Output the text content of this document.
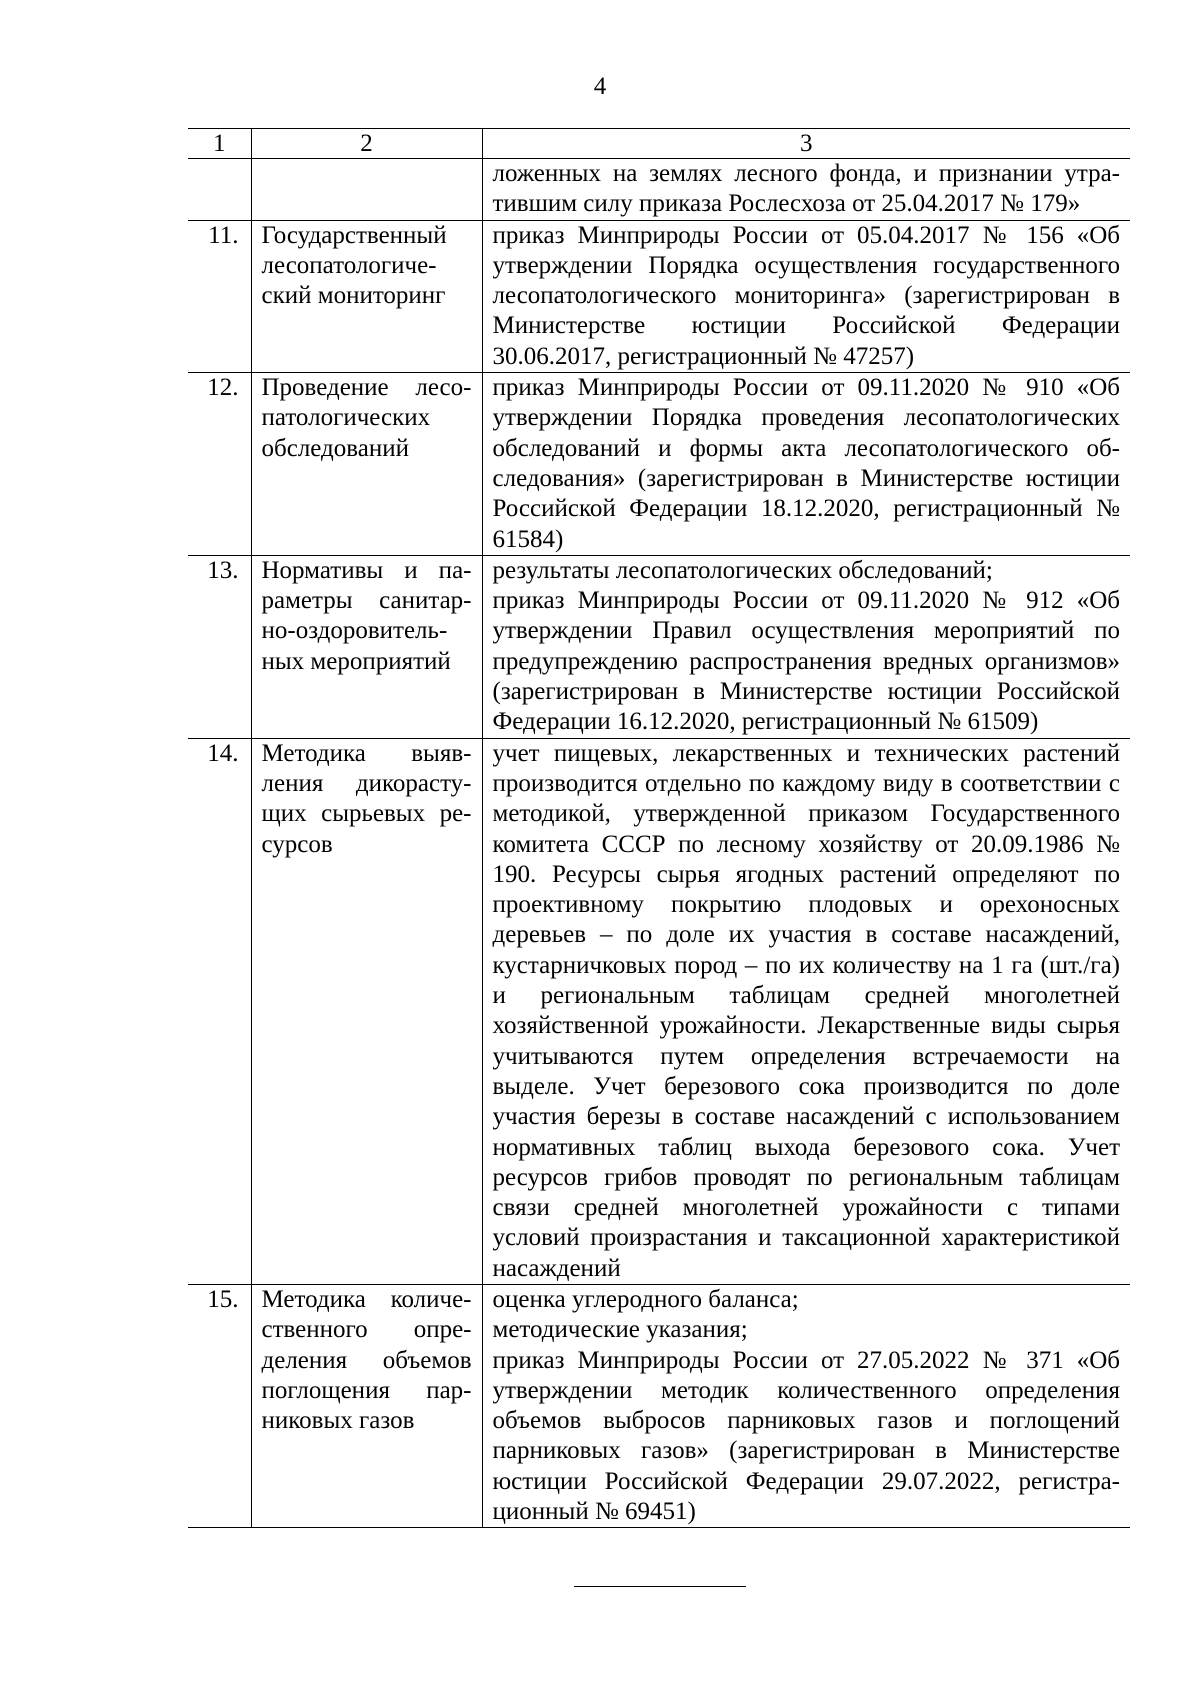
4
1	2	3

		ложенных на землях лесного фонда, и признании утратившим силу приказа Рослесхоза от 25.04.2017 № 179»

11.	Государственный лесопатологический мониторинг	приказ Минприроды России от 05.04.2017 № 156 «Об утверждении Порядка осуществления государственного лесопатологического мониторинга» (зарегистрирован в Министерстве юстиции Российской Федерации 30.06.2017, регистрационный № 47257)

12.	Проведение лесопатологических обследований	приказ Минприроды России от 09.11.2020 № 910 «Об утверждении Порядка проведения лесопатологических обследований и формы акта лесопатологического обследования» (зарегистрирован в Министерстве юстиции Российской Федерации 18.12.2020, регистрационный № 61584)

13.	Нормативы и параметры санитарно-оздоровительных мероприятий	результаты лесопатологических обследований;
приказ Минприроды России от 09.11.2020 № 912 «Об утверждении Правил осуществления мероприятий по предупреждению распространения вредных организмов» (зарегистрирован в Министерстве юстиции Российской Федерации 16.12.2020, регистрационный № 61509)

14.	Методика выявления дикорастущих сырьевых ресурсов	учет пищевых, лекарственных и технических растений производится отдельно по каждому виду в соответствии с методикой, утвержденной приказом Государственного комитета СССР по лесному хозяйству от 20.09.1986 № 190. Ресурсы сырья ягодных растений определяют по проективному покрытию плодовых и орехоносных деревьев – по доле их участия в составе насаждений, кустарничковых пород – по их количеству на 1 га (шт./га) и региональным таблицам средней многолетней хозяйственной урожайности. Лекарственные виды сырья учитываются путем определения встречаемости на выделе. Учет березового сока производится по доле участия березы в составе насаждений с использованием нормативных таблиц выхода березового сока. Учет ресурсов грибов проводят по региональным таблицам связи средней многолетней урожайности с типами условий произрастания и таксационной характеристикой насаждений

15.	Методика количественного определения объемов поглощения парниковых газов	оценка углеродного баланса;
методические указания;
приказ Минприроды России от 27.05.2022 № 371 «Об утверждении методик количественного определения объемов выбросов парниковых газов и поглощений парниковых газов» (зарегистрирован в Министерстве юстиции Российской Федерации 29.07.2022, регистрационный № 69451)
